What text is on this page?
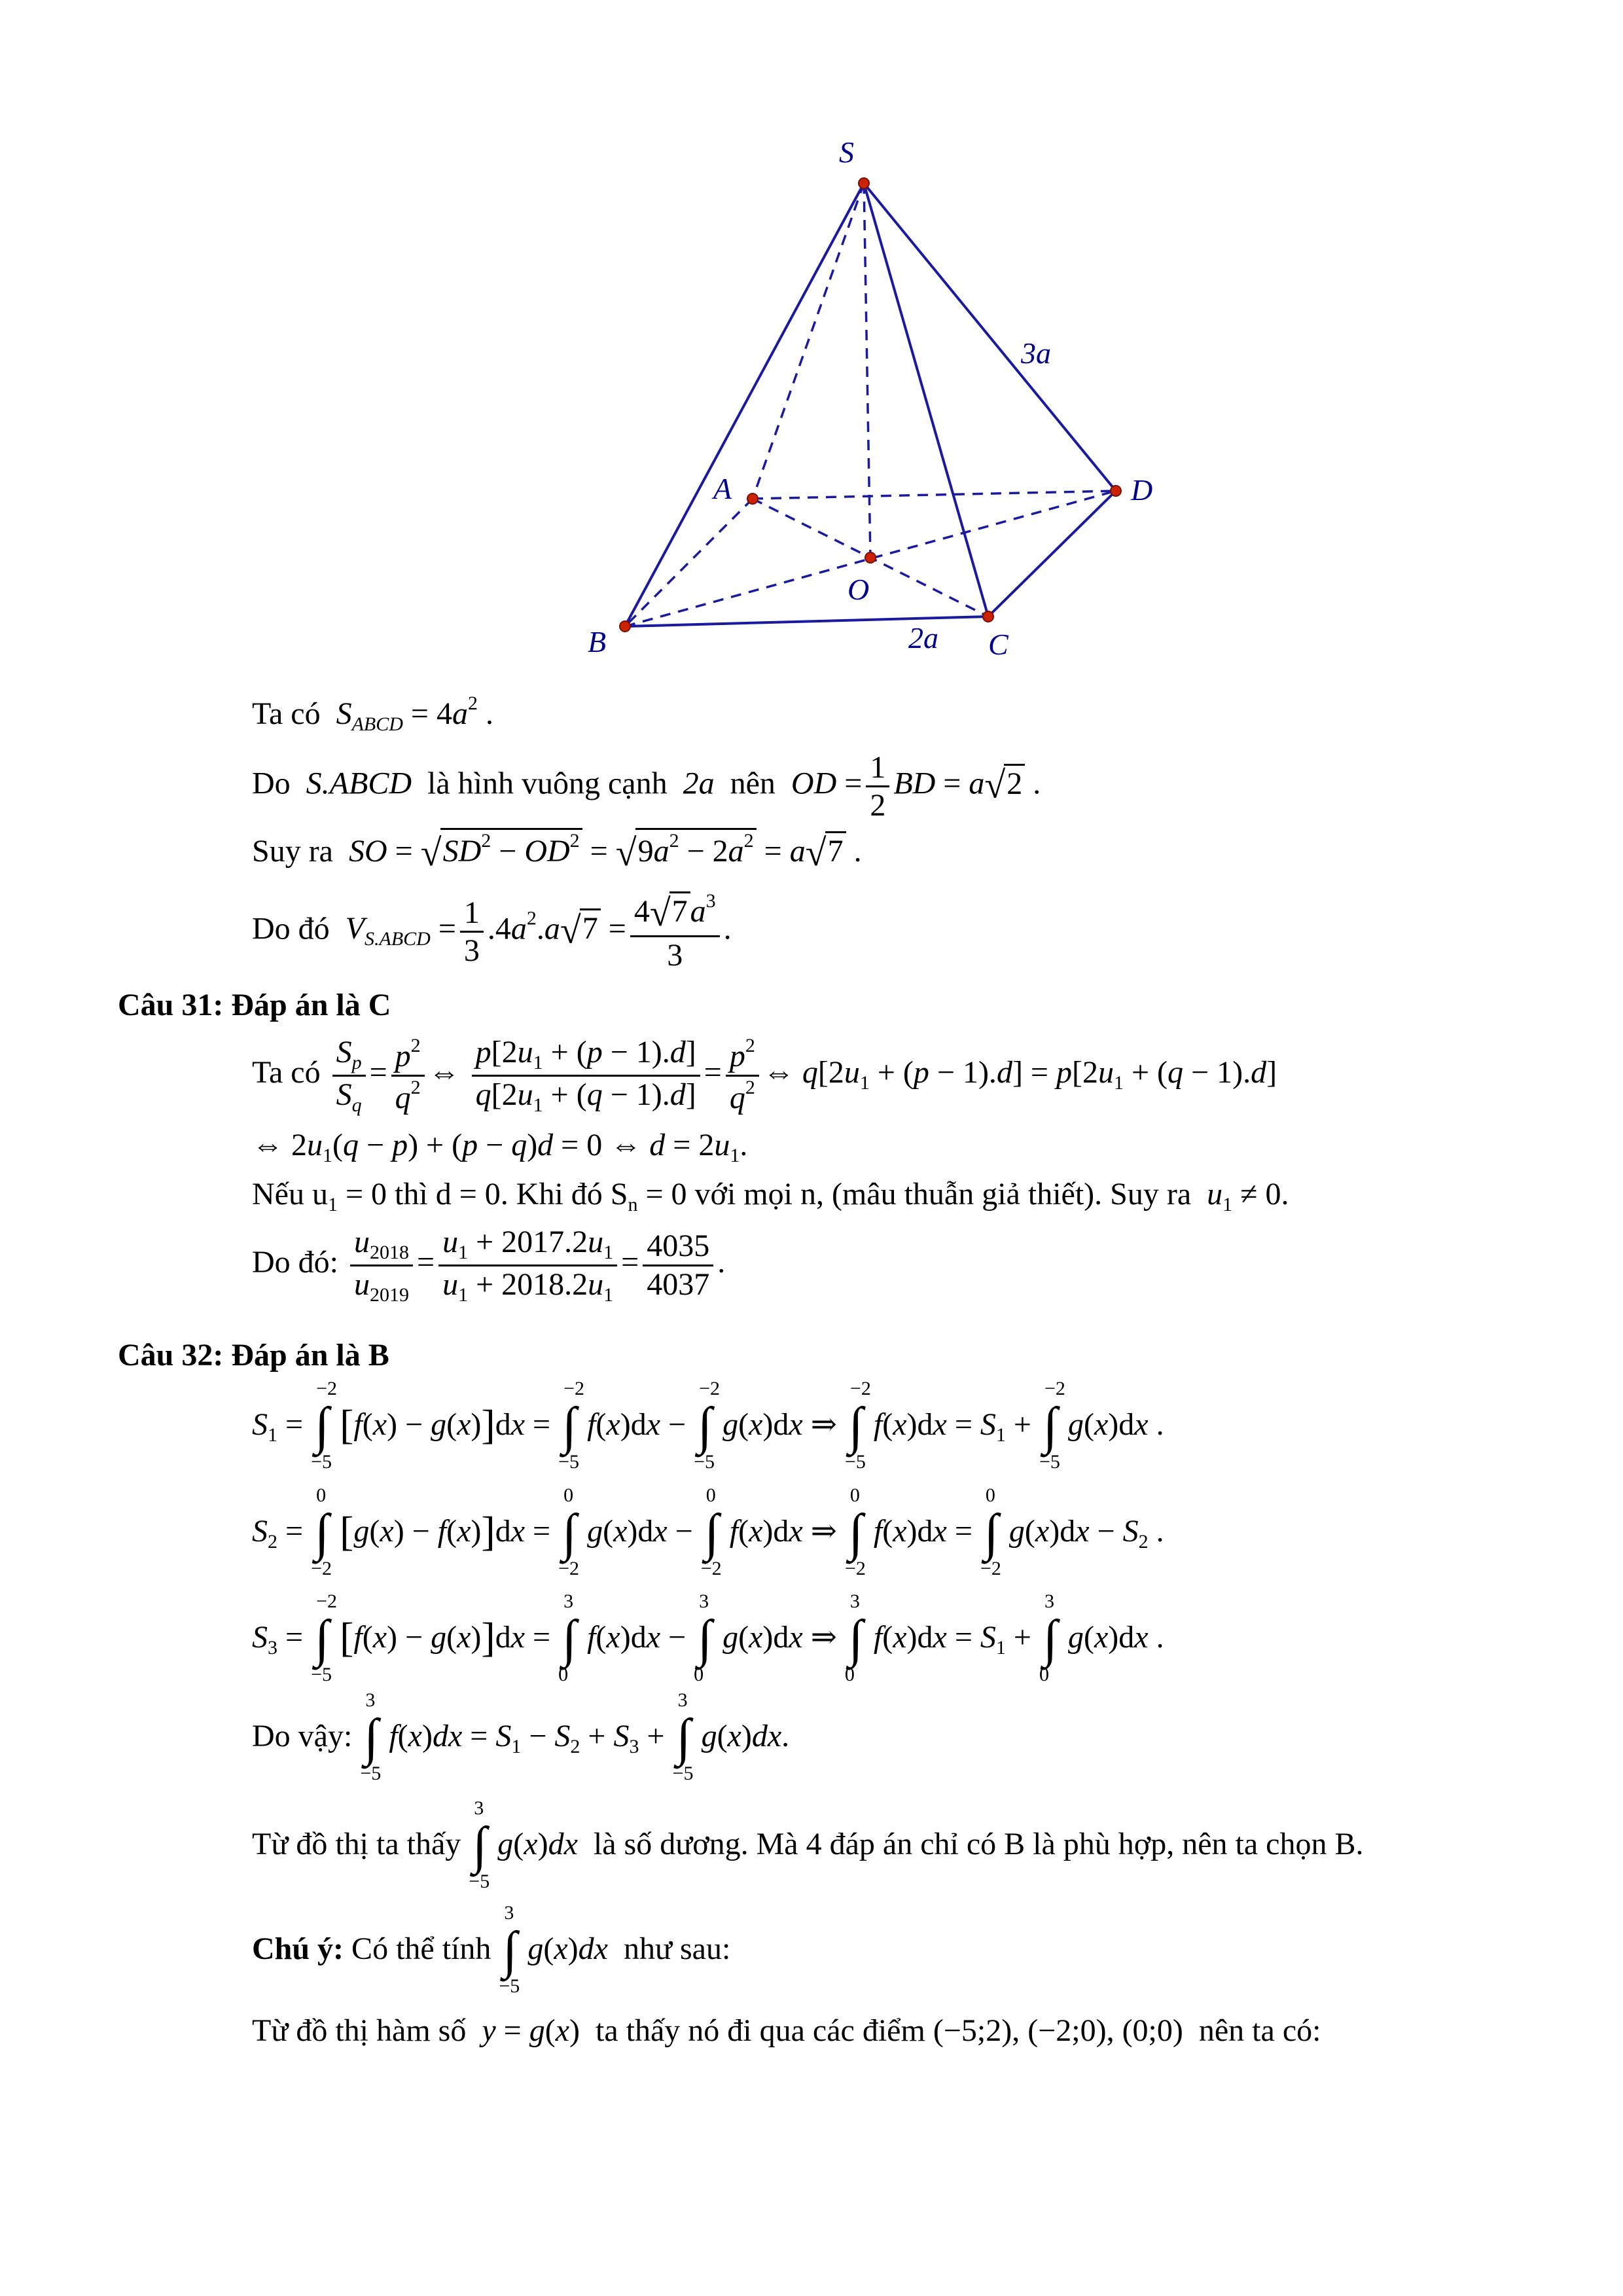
S
A
B	C
D
O
3a
2a
Ta có  $S_{ABCD} = 4a^2$ .
Do  S.ABCD  là hình vuông cạnh  2a  nên  OD = $\frac{1}{2}$ BD = a√2 .
Suy ra  SO = $√SD^2 - OD^2 = √9a^2 - 2a^2 = a√7$ .
Do đó  $V_{S.ABCD} = \frac{1}{3} .4a^2.a√7 = \frac{4√7a^3}{3}$ .
Câu 31: Đáp án là C
Ta có $\frac{S_p}{S_q} = \frac{p^2}{q^2}$ ⇔ $\frac{p[2u_1 + (p - 1).d]}{q[2u_1 + (q - 1).d]} = \frac{p^2}{q^2}$ ⇔ $q[2u_1 + (p - 1).d] = p[2u_1 + (q - 1).d]$
⇔ $2u_1(q - p) + (p - q)d = 0$ ⇔ $d = 2u_1$.
Nếu $u_1 = 0$ thì d = 0. Khi đó $S_n = 0$ với mọi n, (mâu thuẫn giả thiết). Suy ra  $u_1 \ne 0$.
Do đó: $\frac{u_{2018}}{u_{2019}} = \frac{u_1 + 2017.2u_1}{u_1 + 2018.2u_1} = \frac{4035}{4037}$ .
Câu 32: Đáp án là B
$S_1$ =
−2
∫
−5
[f(x) − g(x)]dx =
−2
∫
−5
f(x)dx −
−2
∫
−5
g(x)dx ⇒
−2
∫
−5
$f(x)dx = S_1$ +
−2
∫
−5
g(x)dx .
$S_2$ =
0
∫
−2
[g(x) − f(x)]dx =
0
∫
−2
g(x)dx −
0
∫
−2
f(x)dx ⇒
0
∫
−2
f(x)dx =
0
∫
−2
$g(x)dx - S_2$ .
$S_3$ =
−2
∫
−5
[f(x) − g(x)]dx =
3
∫
0
f(x)dx −
3
∫
0
g(x)dx ⇒
3
∫
0
$f(x)dx = S_1$ +
3
∫
0
g(x)dx .
Do vậy:
3
∫
−5
$f(x)dx = S_1 - S_2 + S_3$ +
3
∫
−5
g(x)dx.
Từ đồ thị ta thấy
3
∫
−5
g(x)dx là số dương. Mà 4 đáp án chỉ có B là phù hợp, nên ta chọn B.
Chú ý: Có thể tính
3
∫
−5
g(x)dx như sau:
Từ đồ thị hàm số  y = g(x)  ta thấy nó đi qua các điểm (−5;2), (−2;0), (0;0) nên ta có:
